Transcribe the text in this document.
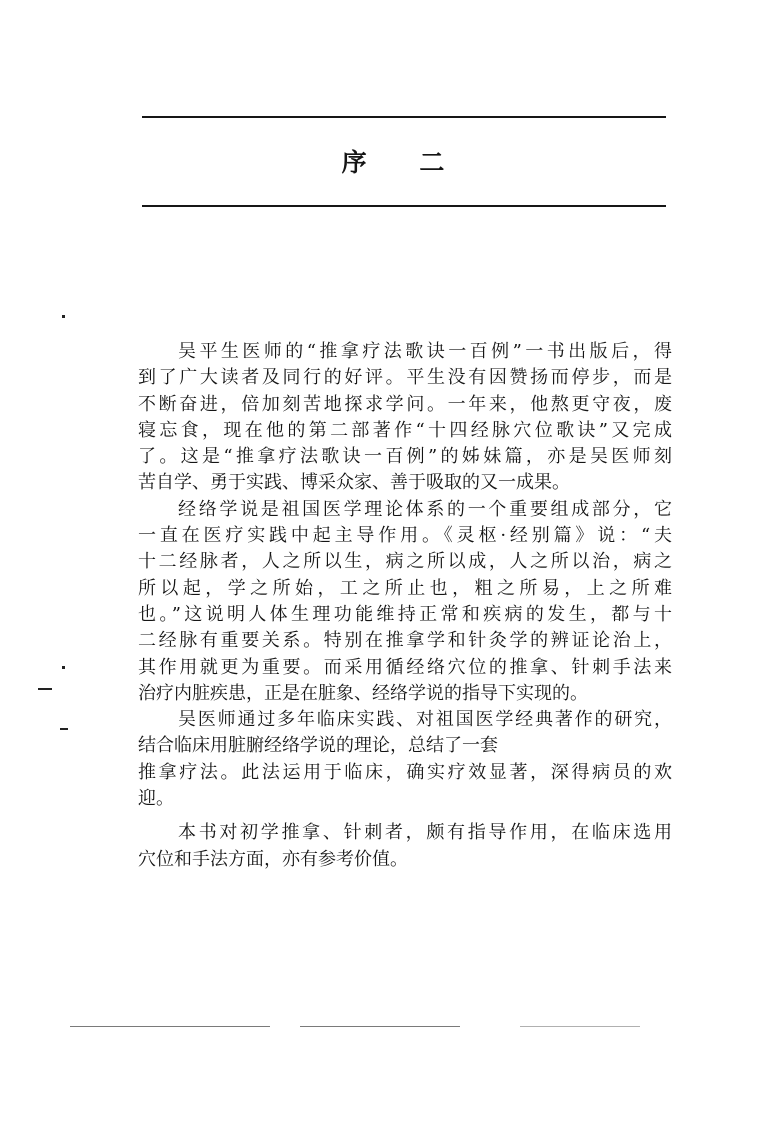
序 二
吴平生医师的“推拿疗法歌诀一百例”一书出版后，得
到了广大读者及同行的好评。平生没有因赞扬而停步，而是
不断奋进，倍加刻苦地探求学问。一年来，他熬更守夜，废
寝忘食，现在他的第二部著作“十四经脉穴位歌诀”又完成
了。这是“推拿疗法歌诀一百例”的姊妹篇，亦是吴医师刻
苦自学、勇于实践、博采众家、善于吸取的又一成果。
经络学说是祖国医学理论体系的一个重要组成部分，它
一直在医疗实践中起主导作用。《灵枢·经别篇》说：“夫
十二经脉者，人之所以生，病之所以成，人之所以治，病之
所以起，学之所始，工之所止也，粗之所易，上之所难
也。”这说明人体生理功能维持正常和疾病的发生，都与十
二经脉有重要关系。特别在推拿学和针灸学的辨证论治上，
其作用就更为重要。而采用循经络穴位的推拿、针刺手法来
治疗内脏疾患，正是在脏象、经络学说的指导下实现的。
吴医师通过多年临床实践、对祖国医学经典著作的研究，
结合临床用脏腑经络学说的理论，总结了一套
推拿疗法。此法运用于临床，确实疗效显著，深得病员的欢
迎。
本书对初学推拿、针刺者，颇有指导作用，在临床选用
穴位和手法方面，亦有参考价值。
